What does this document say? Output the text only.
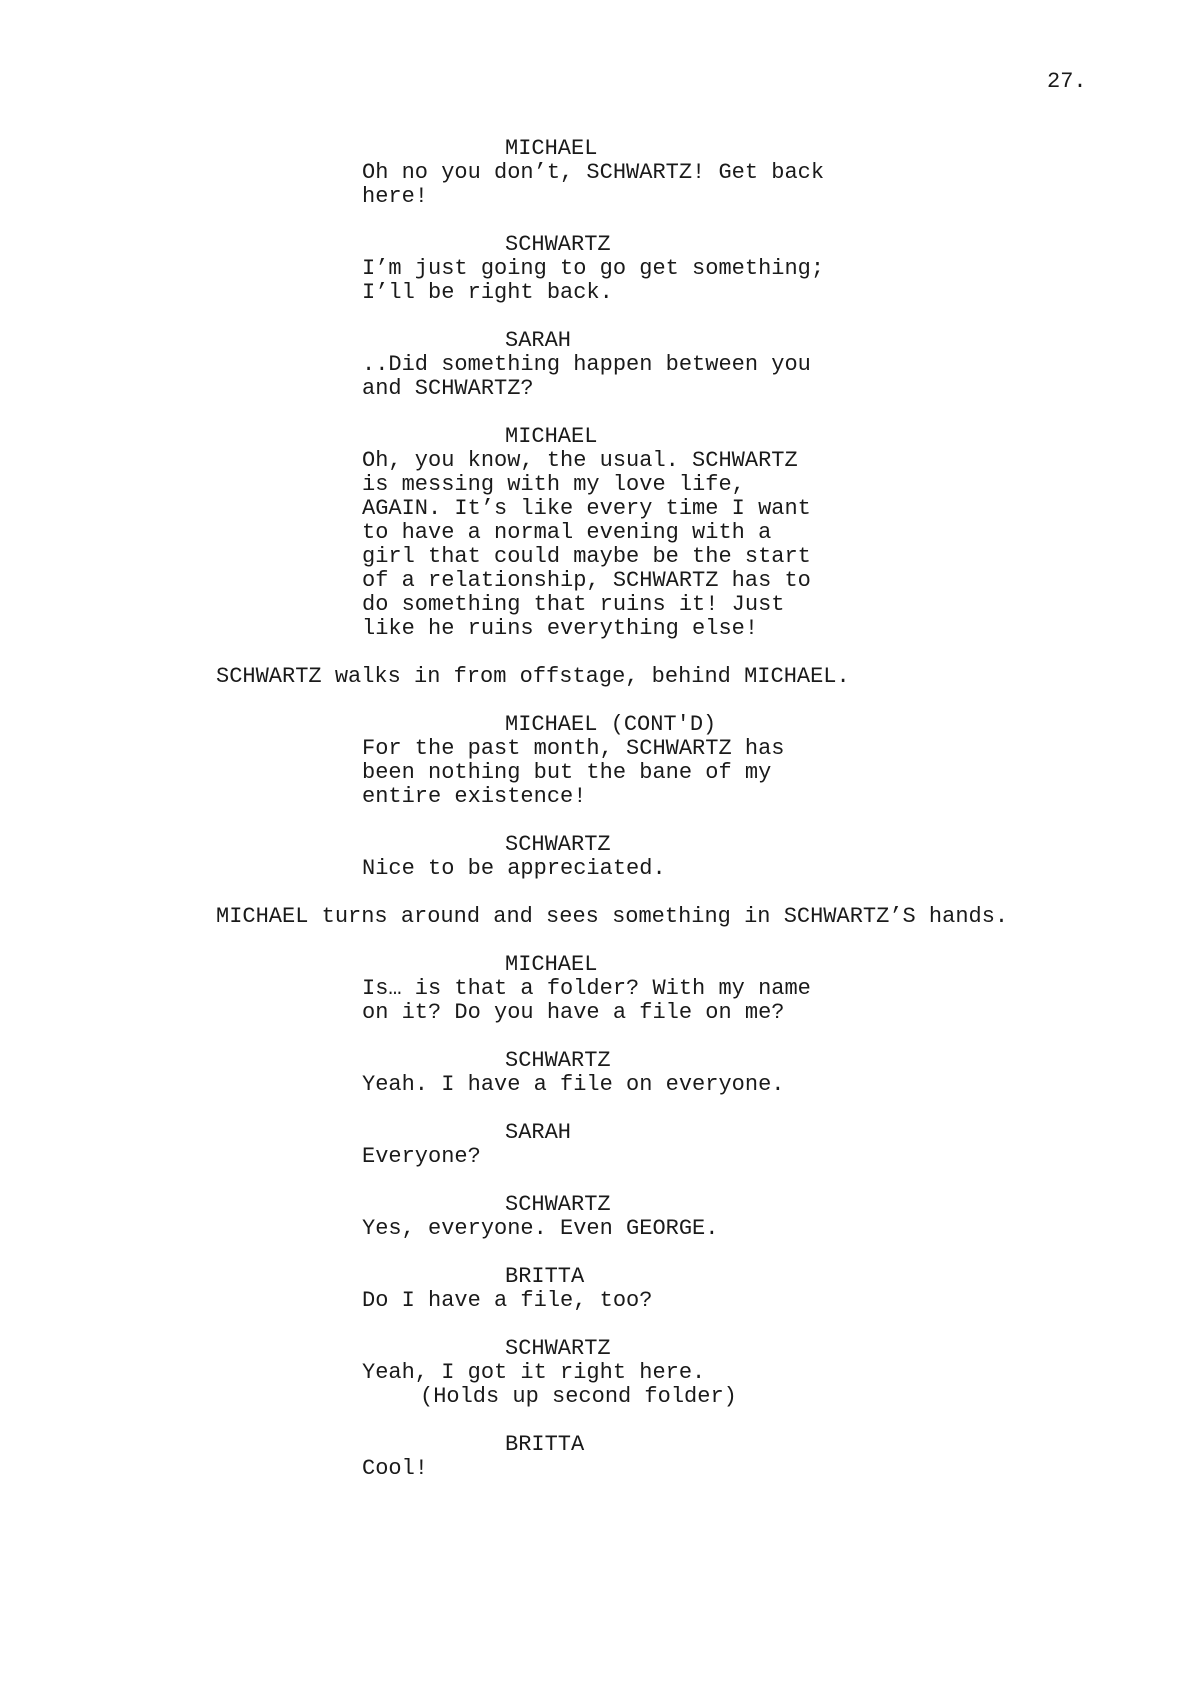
27.
MICHAEL
Oh no you don’t, SCHWARTZ! Get back
here!
SCHWARTZ
I’m just going to go get something;
I’ll be right back.
SARAH
..Did something happen between you
and SCHWARTZ?
MICHAEL
Oh, you know, the usual. SCHWARTZ
is messing with my love life,
AGAIN. It’s like every time I want
to have a normal evening with a
girl that could maybe be the start
of a relationship, SCHWARTZ has to
do something that ruins it! Just
like he ruins everything else!
SCHWARTZ walks in from offstage, behind MICHAEL.
MICHAEL (CONT'D)
For the past month, SCHWARTZ has
been nothing but the bane of my
entire existence!
SCHWARTZ
Nice to be appreciated.
MICHAEL turns around and sees something in SCHWARTZ’S hands.
MICHAEL
Is… is that a folder? With my name
on it? Do you have a file on me?
SCHWARTZ
Yeah. I have a file on everyone.
SARAH
Everyone?
SCHWARTZ
Yes, everyone. Even GEORGE.
BRITTA
Do I have a file, too?
SCHWARTZ
Yeah, I got it right here.
(Holds up second folder)
BRITTA
Cool!
